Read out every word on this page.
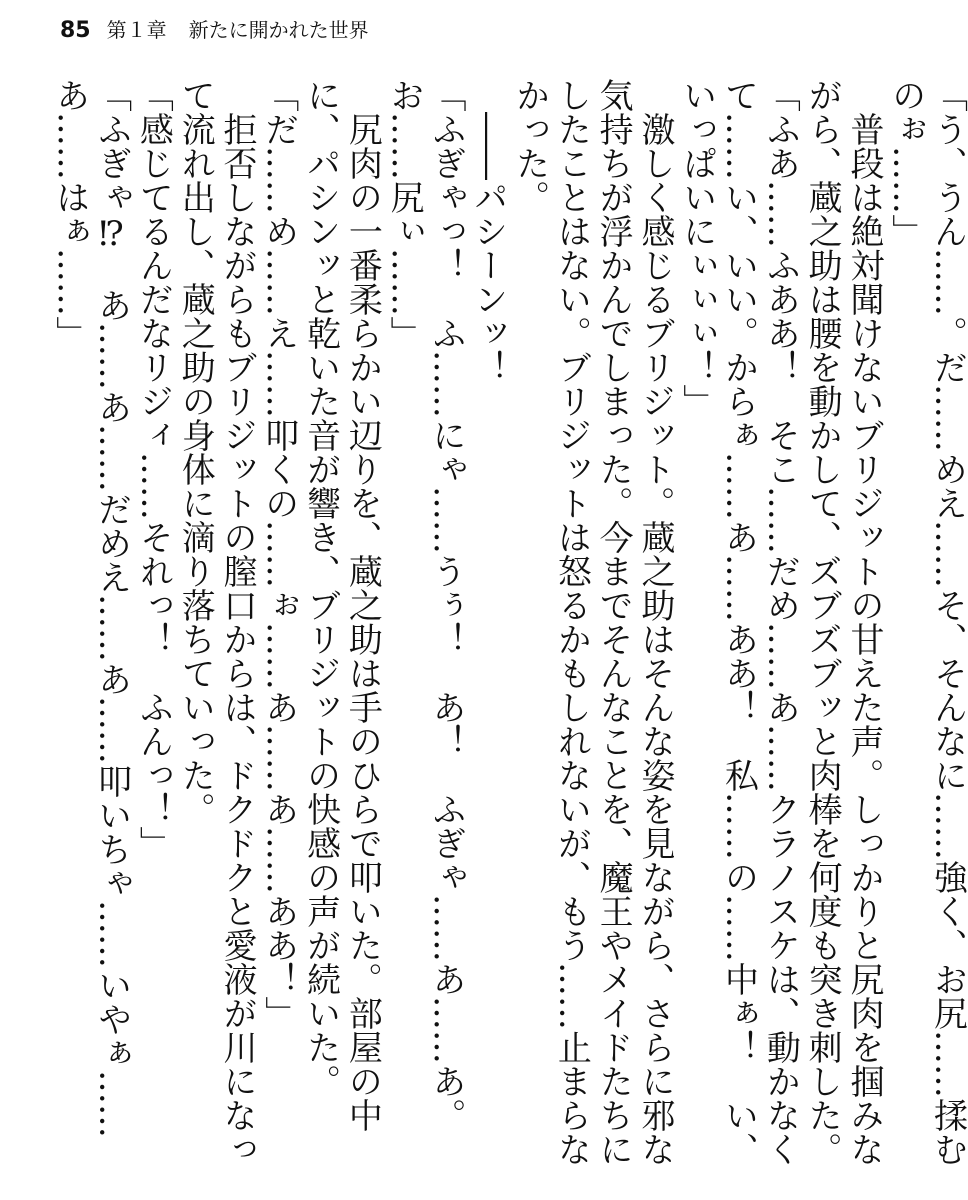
85 第１章 新たに開かれた世界

「う、うん……。だ……めえ……そ、そんなに……強く、お尻……揉むのぉ……」

　普段は絶対聞けないブリジットの甘えた声。しっかりと尻肉を掴みながら、蔵之助は腰を動かして、ズブズブッと肉棒を何度も突き刺した。

「ふあ……ふああ！　そこ……だめ……あ……クラノスケは、動かなくて……い、いい。からぁ……あ……ああ！　私……の……中ぁ！　い、いっぱいにぃぃぃ！」

　激しく感じるブリジット。蔵之助はそんな姿を見ながら、さらに邪な気持ちが浮かんでしまった。今までそんなことを、魔王やメイドたちにしたことはない。ブリジットは怒るかもしれないが、もう……止まらなかった。

　――パシーンッ！

「ふぎゃっ！　ふ……にゃ……うぅ！　あ！　ふぎゃ……あ……あ。お……尻ぃ……」

　尻肉の一番柔らかい辺りを、蔵之助は手のひらで叩いた。部屋の中に、パシンッと乾いた音が響き、ブリジットの快感の声が続いた。

「だ……め……え……叩くの……ぉ……あ……あ……ああ！」

　拒否しながらもブリジットの膣口からは、ドクドクと愛液が川になって流れ出し、蔵之助の身体に滴り落ちていった。

「感じてるんだなリジィ……それっ！　ふんっ！」

「ふぎゃ⁉　あ……あ……だめえ……あ……叩いちゃ……いやぁ……あ……はぁ……」
